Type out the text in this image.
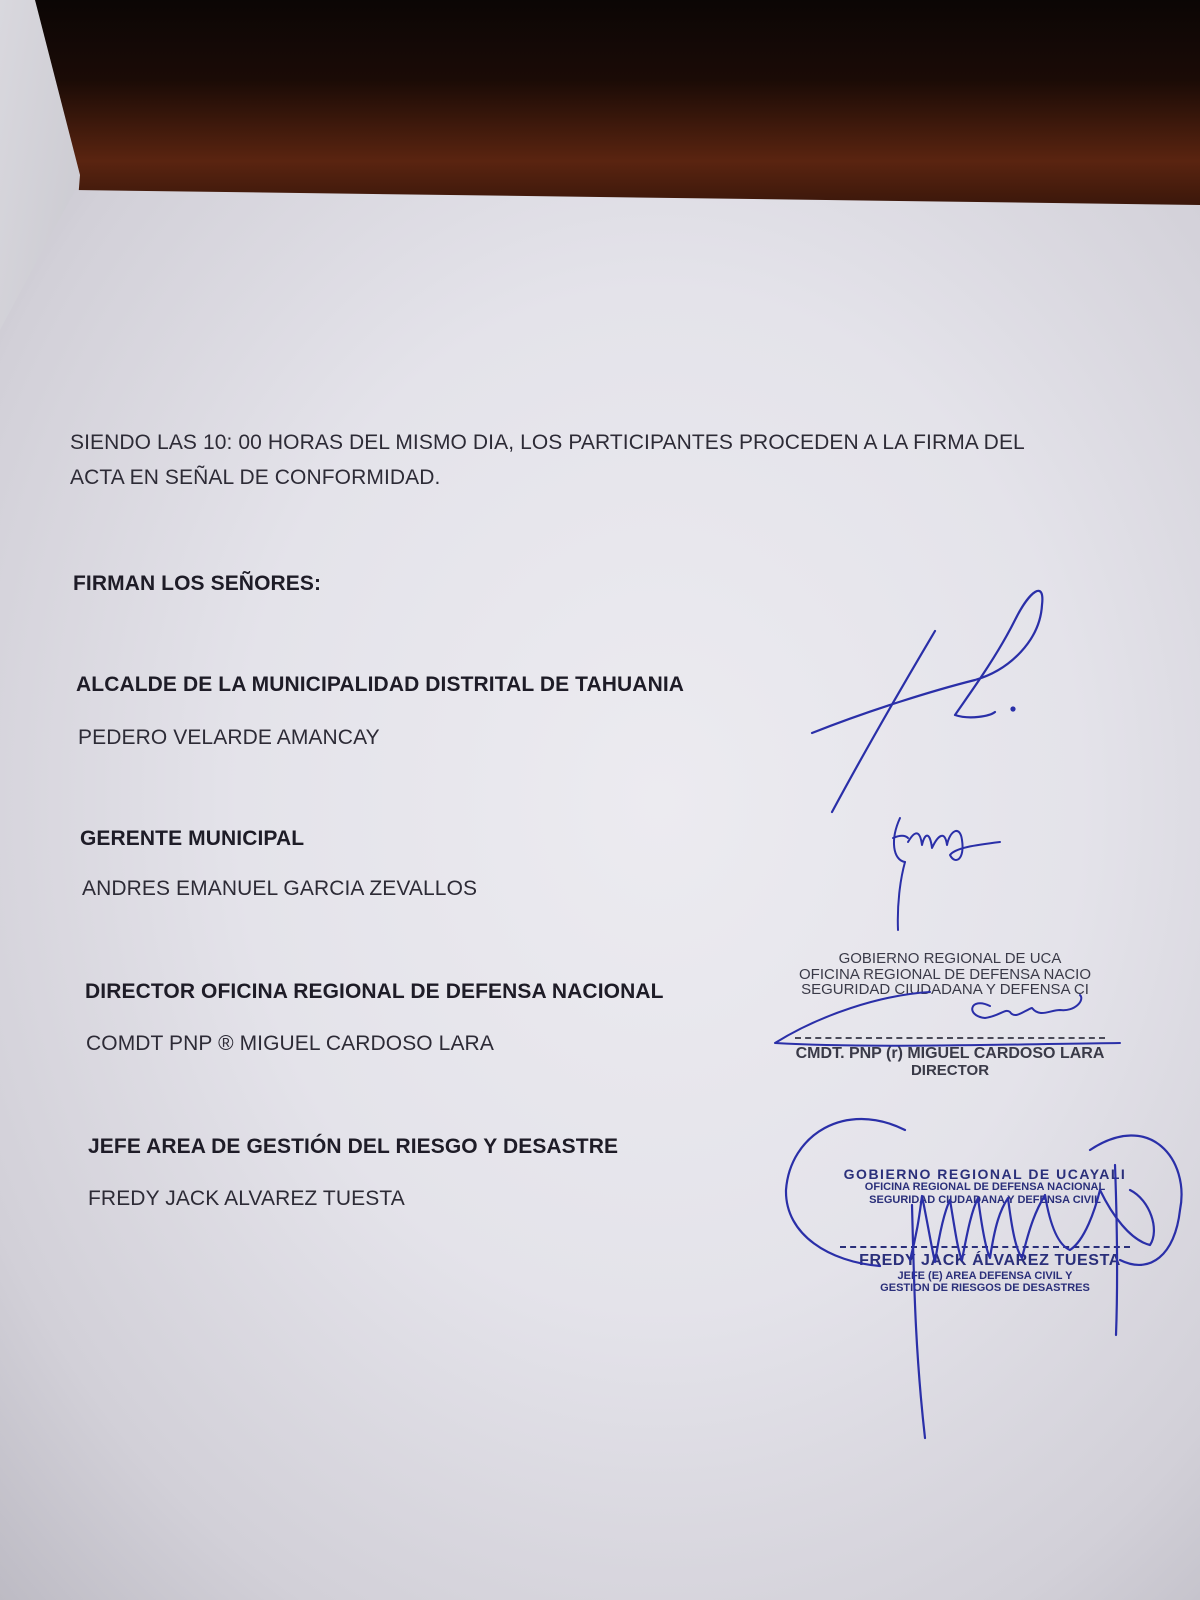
SIENDO LAS 10: 00 HORAS DEL MISMO DIA, LOS PARTICIPANTES PROCEDEN A LA FIRMA DEL
ACTA EN SEÑAL DE CONFORMIDAD.
FIRMAN LOS SEÑORES:
ALCALDE DE LA MUNICIPALIDAD DISTRITAL DE TAHUANIA
PEDERO VELARDE AMANCAY
GERENTE MUNICIPAL
ANDRES EMANUEL GARCIA ZEVALLOS
DIRECTOR OFICINA REGIONAL DE DEFENSA NACIONAL
COMDT PNP ® MIGUEL CARDOSO LARA
JEFE AREA DE GESTIÓN DEL RIESGO Y DESASTRE
FREDY JACK ALVAREZ TUESTA
GOBIERNO REGIONAL DE UCA
OFICINA REGIONAL DE DEFENSA NACIO
SEGURIDAD CIUDADANA Y DEFENSA CI
CMDT. PNP (r) MIGUEL CARDOSO LARA
DIRECTOR
GOBIERNO REGIONAL DE UCAYALI
OFICINA REGIONAL DE DEFENSA NACIONAL
SEGURIDAD CIUDADANA Y DEFENSA CIVIL
FREDY JACK ÁLVAREZ TUESTA
JEFE (E) AREA DEFENSA CIVIL Y
GESTION DE RIESGOS DE DESASTRES
